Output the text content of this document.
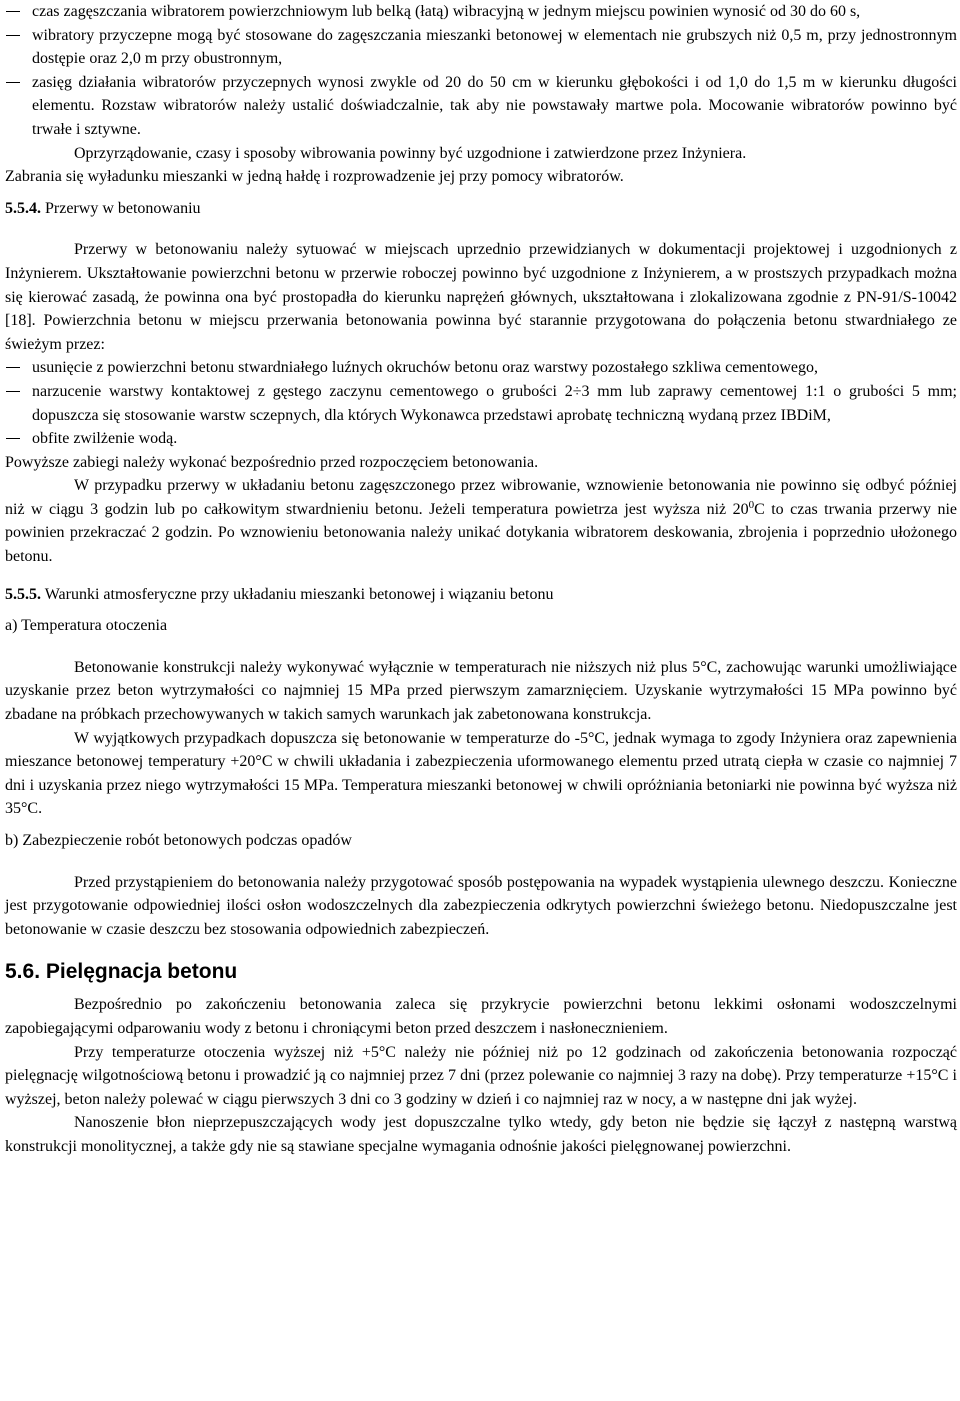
czas zagęszczania wibratorem powierzchniowym lub belką (łatą) wibracyjną w jednym miejscu powinien wynosić od 30 do 60 s,
wibratory przyczepne mogą być stosowane do zagęszczania mieszanki betonowej w elementach nie grubszych niż 0,5 m, przy jednostronnym dostępie oraz 2,0 m przy obustronnym,
zasięg działania wibratorów przyczepnych wynosi zwykle od 20 do 50 cm w kierunku głębokości i od 1,0 do 1,5 m w kierunku długości elementu. Rozstaw wibratorów należy ustalić doświadczalnie, tak aby nie powstawały martwe pola. Mocowanie wibratorów powinno być trwałe i sztywne.

Oprzyrządowanie, czasy i sposoby wibrowania powinny być uzgodnione i zatwierdzone przez Inżyniera.

Zabrania się wyładunku mieszanki w jedną hałdę i rozprowadzenie jej przy pomocy wibratorów.

5.5.4. Przerwy w betonowaniu

Przerwy w betonowaniu należy sytuować w miejscach uprzednio przewidzianych w dokumentacji projektowej i uzgodnionych z Inżynierem. Ukształtowanie powierzchni betonu w przerwie roboczej powinno być uzgodnione z Inżynierem, a w prostszych przypadkach można się kierować zasadą, że powinna ona być prostopadła do kierunku naprężeń głównych, ukształtowana i zlokalizowana zgodnie z PN-91/S-10042 [18]. Powierzchnia betonu w miejscu przerwania betonowania powinna być starannie przygotowana do połączenia betonu stwardniałego ze świeżym przez:

usunięcie z powierzchni betonu stwardniałego luźnych okruchów betonu oraz warstwy pozostałego szkliwa cementowego,
narzucenie warstwy kontaktowej z gęstego zaczynu cementowego o grubości 2÷3 mm lub zaprawy cementowej 1:1 o grubości 5 mm; dopuszcza się stosowanie warstw sczepnych, dla których Wykonawca przedstawi aprobatę techniczną wydaną przez IBDiM,
obfite zwilżenie wodą.

Powyższe zabiegi należy wykonać bezpośrednio przed rozpoczęciem betonowania.

W przypadku przerwy w układaniu betonu zagęszczonego przez wibrowanie, wznowienie betonowania nie powinno się odbyć później niż w ciągu 3 godzin lub po całkowitym stwardnieniu betonu. Jeżeli temperatura powietrza jest wyższa niż $20^0C$ to czas trwania przerwy nie powinien przekraczać 2 godzin. Po wznowieniu betonowania należy unikać dotykania wibratorem deskowania, zbrojenia i poprzednio ułożonego betonu.

5.5.5. Warunki atmosferyczne przy układaniu mieszanki betonowej i wiązaniu betonu

a) Temperatura otoczenia

Betonowanie konstrukcji należy wykonywać wyłącznie w temperaturach nie niższych niż plus 5°C, zachowując warunki umożliwiające uzyskanie przez beton wytrzymałości co najmniej 15 MPa przed pierwszym zamarznięciem. Uzyskanie wytrzymałości 15 MPa powinno być zbadane na próbkach przechowywanych w takich samych warunkach jak zabetonowana konstrukcja.

W wyjątkowych przypadkach dopuszcza się betonowanie w temperaturze do -5°C, jednak wymaga to zgody Inżyniera oraz zapewnienia mieszance betonowej temperatury +20°C w chwili układania i zabezpieczenia uformowanego elementu przed utratą ciepła w czasie co najmniej 7 dni i uzyskania przez niego wytrzymałości 15 MPa. Temperatura mieszanki betonowej w chwili opróżniania betoniarki nie powinna być wyższa niż 35°C.

b) Zabezpieczenie robót betonowych podczas opadów

Przed przystąpieniem do betonowania należy przygotować sposób postępowania na wypadek wystąpienia ulewnego deszczu. Konieczne jest przygotowanie odpowiedniej ilości osłon wodoszczelnych dla zabezpieczenia odkrytych powierzchni świeżego betonu. Niedopuszczalne jest betonowanie w czasie deszczu bez stosowania odpowiednich zabezpieczeń.

5.6. Pielęgnacja betonu

Bezpośrednio po zakończeniu betonowania zaleca się przykrycie powierzchni betonu lekkimi osłonami wodoszczelnymi zapobiegającymi odparowaniu wody z betonu i chroniącymi beton przed deszczem i nasłonecznieniem.

Przy temperaturze otoczenia wyższej niż +5°C należy nie później niż po 12 godzinach od zakończenia betonowania rozpocząć pielęgnację wilgotnościową betonu i prowadzić ją co najmniej przez 7 dni (przez polewanie co najmniej 3 razy na dobę). Przy temperaturze +15°C i wyższej, beton należy polewać w ciągu pierwszych 3 dni co 3 godziny w dzień i co najmniej raz w nocy, a w następne dni jak wyżej.

Nanoszenie błon nieprzepuszczających wody jest dopuszczalne tylko wtedy, gdy beton nie będzie się łączył z następną warstwą konstrukcji monolitycznej, a także gdy nie są stawiane specjalne wymagania odnośnie jakości pielęgnowanej powierzchni.
